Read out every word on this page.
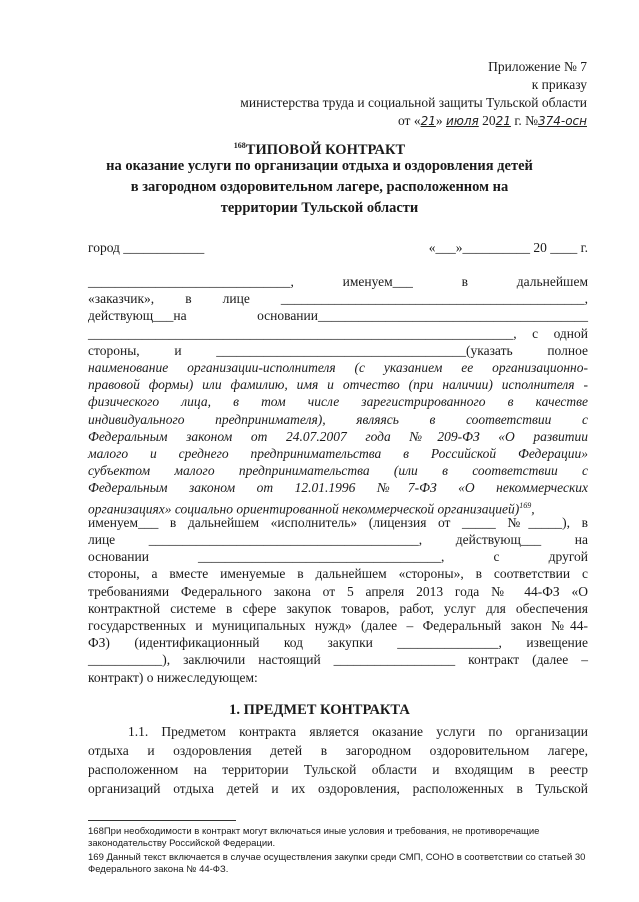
Приложение № 7
к приказу
министерства труда и социальной защиты Тульской области
от «21» июля 2021 г. №374-осн
$^{168}$ТИПОВОЙ КОНТРАКТ
на оказание услуги по организации отдыха и оздоровления детей
в загородном оздоровительном лагере, расположенном на
территории Тульской области
город ____________	«___»__________ 20 ____ г.
______________________________, именуем___ в дальнейшем
«заказчик», в лице _____________________________________________,
действующ___на основании________________________________________
_______________________________________________________________, с одной
стороны, и _____________________________________(указать полное
наименование организации-исполнителя (с указанием ее организационно-
правовой формы) или фамилию, имя и отчество (при наличии) исполнителя -
физического лица, в том числе зарегистрированного в качестве
индивидуального предпринимателя), являясь в соответствии с
Федеральным законом от 24.07.2007 года №209-ФЗ «О развитии
малого и среднего предпринимательства в Российской Федерации»
субъектом малого предпринимательства (или в соответствии с
Федеральным законом от 12.01.1996 №7-ФЗ «О некоммерческих
организациях» социально ориентированной некоммерческой организацией)$^{169}$,
именуем___ в дальнейшем «исполнитель» (лицензия от _____ №_____), в
лице ________________________________________, действующ___ на
основании ____________________________________, с другой
стороны, а вместе именуемые в дальнейшем «стороны», в соответствии с
требованиями Федерального закона от 5 апреля 2013 года № 44-ФЗ «О
контрактной системе в сфере закупок товаров, работ, услуг для обеспечения
государственных и муниципальных нужд» (далее – Федеральный закон №44-
ФЗ) (идентификационный код закупки _______________, извещение
___________), заключили настоящий __________________ контракт (далее –
контракт) о нижеследующем:
1. ПРЕДМЕТ КОНТРАКТА
1.1. Предметом контракта является оказание услуги по организации
отдыха и оздоровления детей в загородном оздоровительном лагере,
расположенном на территории Тульской области и входящим в реестр
организаций отдыха детей и их оздоровления, расположенных в Тульской
168При необходимости в контракт могут включаться иные условия и требования, не противоречащие законодательству Российской Федерации.
169 Данный текст включается в случае осуществления закупки среди СМП, СОНО в соответствии со статьей 30 Федерального закона № 44-ФЗ.
